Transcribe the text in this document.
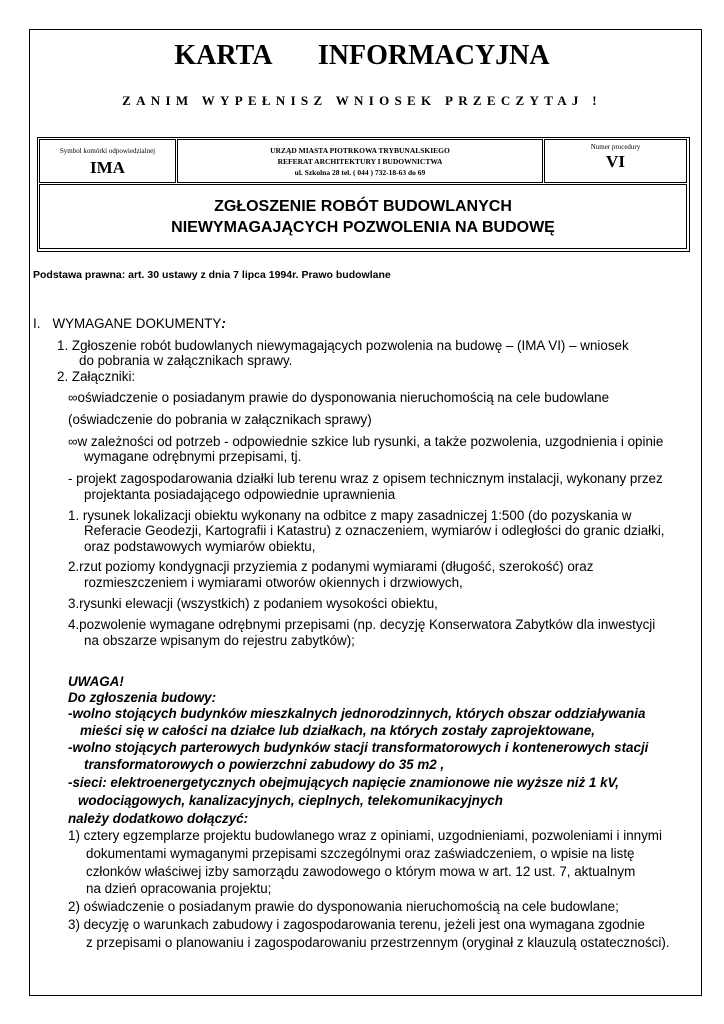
KARTA INFORMACYJNA
ZANIM WYPEŁNISZ WNIOSEK PRZECZYTAJ !
Symbol komórki odpowiedzialnej
IMA
URZĄD MIASTA PIOTRKOWA TRYBUNALSKIEGO
REFERAT ARCHITEKTURY I BUDOWNICTWA
ul. Szkolna 28 tel. ( 044 ) 732-18-63 do 69
Numer procedury
VI
ZGŁOSZENIE ROBÓT BUDOWLANYCH
NIEWYMAGAJĄCYCH POZWOLENIA NA BUDOWĘ
Podstawa prawna: art. 30 ustawy z dnia 7 lipca 1994r. Prawo budowlane
I. WYMAGANE DOKUMENTY:
1. Zgłoszenie robót budowlanych niewymagających pozwolenia na budowę – (IMA VI) – wniosek
do pobrania w załącznikach sprawy.
2. Załączniki:
∞oświadczenie o posiadanym prawie do dysponowania nieruchomością na cele budowlane
(oświadczenie do pobrania w załącznikach sprawy)
∞w zależności od potrzeb - odpowiednie szkice lub rysunki, a także pozwolenia, uzgodnienia i opinie
wymagane odrębnymi przepisami, tj.
- projekt zagospodarowania działki lub terenu wraz z opisem technicznym instalacji, wykonany przez
projektanta posiadającego odpowiednie uprawnienia
1. rysunek lokalizacji obiektu wykonany na odbitce z mapy zasadniczej 1:500 (do pozyskania w
Referacie Geodezji, Kartografii i Katastru) z oznaczeniem, wymiarów i odległości do granic działki,
oraz podstawowych wymiarów obiektu,
2.rzut poziomy kondygnacji przyziemia z podanymi wymiarami (długość, szerokość) oraz
rozmieszczeniem i wymiarami otworów okiennych i drzwiowych,
3.rysunki elewacji (wszystkich) z podaniem wysokości obiektu,
4.pozwolenie wymagane odrębnymi przepisami (np. decyzję Konserwatora Zabytków dla inwestycji
na obszarze wpisanym do rejestru zabytków);
UWAGA!
Do zgłoszenia budowy:
-wolno stojących budynków mieszkalnych jednorodzinnych, których obszar oddziaływania
mieści się w całości na działce lub działkach, na których zostały zaprojektowane,
-wolno stojących parterowych budynków stacji transformatorowych i kontenerowych stacji
transformatorowych o powierzchni zabudowy do 35 m2 ,
-sieci: elektroenergetycznych obejmujących napięcie znamionowe nie wyższe niż 1 kV,
wodociągowych, kanalizacyjnych, cieplnych, telekomunikacyjnych
należy dodatkowo dołączyć:
1) cztery egzemplarze projektu budowlanego wraz z opiniami, uzgodnieniami, pozwoleniami i innymi
dokumentami wymaganymi przepisami szczególnymi oraz zaświadczeniem, o wpisie na listę
członków właściwej izby samorządu zawodowego o którym mowa w art. 12 ust. 7, aktualnym
na dzień opracowania projektu;
2) oświadczenie o posiadanym prawie do dysponowania nieruchomością na cele budowlane;
3) decyzję o warunkach zabudowy i zagospodarowania terenu, jeżeli jest ona wymagana zgodnie
z przepisami o planowaniu i zagospodarowaniu przestrzennym (oryginał z klauzulą ostateczności).
